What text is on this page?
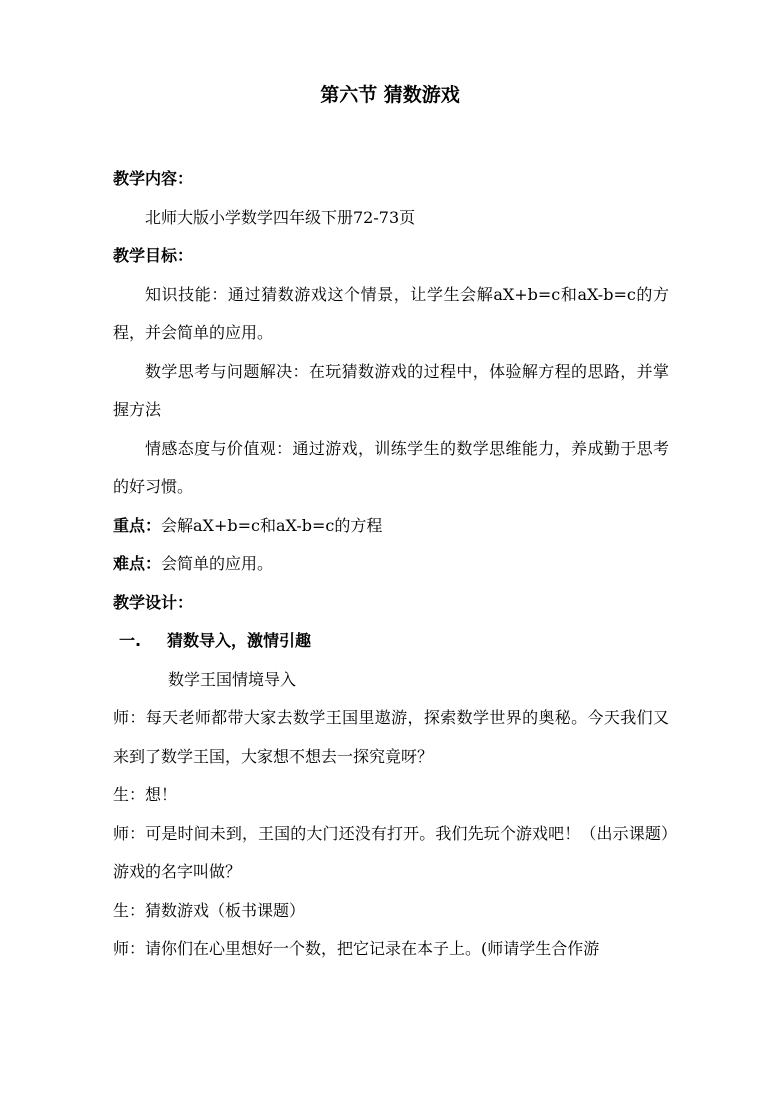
第六节 猜数游戏

教学内容：

北师大版小学数学四年级下册72-73页

教学目标：

知识技能：通过猜数游戏这个情景，让学生会解aX+b=c和aX-b=c的方程，并会简单的应用。

数学思考与问题解决：在玩猜数游戏的过程中，体验解方程的思路，并掌握方法

情感态度与价值观：通过游戏，训练学生的数学思维能力，养成勤于思考的好习惯。

重点：会解aX+b=c和aX-b=c的方程

难点：会简单的应用。

教学设计：

一. 猜数导入，激情引趣

数学王国情境导入

师：每天老师都带大家去数学王国里遨游，探索数学世界的奥秘。今天我们又来到了数学王国，大家想不想去一探究竟呀？

生：想！

师：可是时间未到，王国的大门还没有打开。我们先玩个游戏吧！（出示课题）游戏的名字叫做？

生：猜数游戏（板书课题）

师：请你们在心里想好一个数，把它记录在本子上。(师请学生合作游
